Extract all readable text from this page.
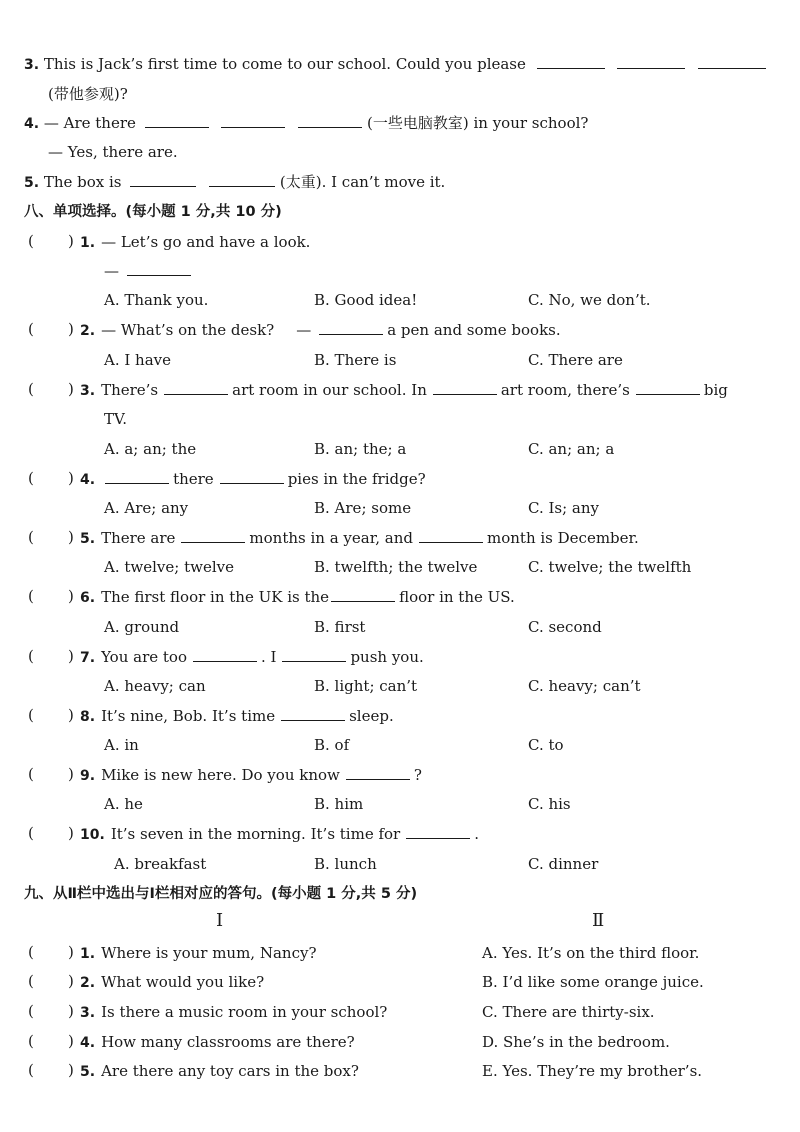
3. This is Jack’s first time to come to our school. Could you please
(带他参观)?
4. — Are there	(一些电脑教室) in your school?
— Yes, there are.
5. The box is	(太重). I can’t move it.
八、单项选择。(每小题 1 分,共 10 分)
( ) 1. — Let’s go and have a look.
—
A. Thank you.	B. Good idea!	C. No, we don’t.
( ) 2. — What’s on the desk? —	a pen and some books.
A. I have	B. There is	C. There are
( ) 3. There’s	art room in our school. In	art room, there’s	big
TV.
A. a; an; the	B. an; the; a	C. an; an; a
( ) 4.	there	pies in the fridge?
A. Are; any	B. Are; some	C. Is; any
( ) 5. There are	months in a year, and	month is December.
A. twelve; twelve	B. twelfth; the twelve	C. twelve; the twelfth
( ) 6. The first floor in the UK is the	floor in the US.
A. ground	B. first	C. second
( ) 7. You are too	. I	push you.
A. heavy; can	B. light; can’t	C. heavy; can’t
( ) 8. It’s nine, Bob. It’s time	sleep.
A. in	B. of	C. to
( ) 9. Mike is new here. Do you know	?
A. he	B. him	C. his
( ) 10. It’s seven in the morning. It’s time for	.
A. breakfast	B. lunch	C. dinner
九、从Ⅱ栏中选出与Ⅰ栏相对应的答句。(每小题 1 分,共 5 分)
Ⅰ	Ⅱ
( ) 1. Where is your mum, Nancy?	A. Yes. It’s on the third floor.
( ) 2. What would you like?	B. I’d like some orange juice.
( ) 3. Is there a music room in your school?	C. There are thirty-six.
( ) 4. How many classrooms are there?	D. She’s in the bedroom.
( ) 5. Are there any toy cars in the box?	E. Yes. They’re my brother’s.
